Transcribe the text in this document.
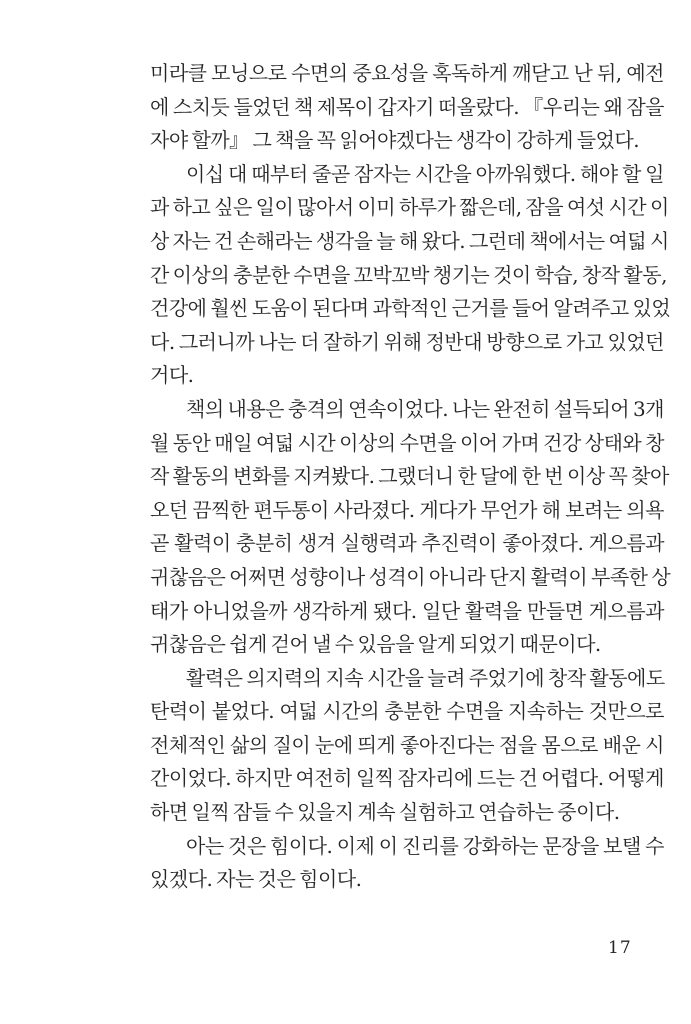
미라클 모닝으로 수면의 중요성을 혹독하게 깨닫고 난 뒤, 예전
에 스치듯 들었던 책 제목이 갑자기 떠올랐다. 『우리는 왜 잠을
자야 할까』 그 책을 꼭 읽어야겠다는 생각이 강하게 들었다.
이십 대 때부터 줄곧 잠자는 시간을 아까워했다. 해야 할 일
과 하고 싶은 일이 많아서 이미 하루가 짧은데, 잠을 여섯 시간 이
상 자는 건 손해라는 생각을 늘 해 왔다. 그런데 책에서는 여덟 시
간 이상의 충분한 수면을 꼬박꼬박 챙기는 것이 학습, 창작 활동,
건강에 훨씬 도움이 된다며 과학적인 근거를 들어 알려주고 있었
다. 그러니까 나는 더 잘하기 위해 정반대 방향으로 가고 있었던
거다.
책의 내용은 충격의 연속이었다. 나는 완전히 설득되어 3개
월 동안 매일 여덟 시간 이상의 수면을 이어 가며 건강 상태와 창
작 활동의 변화를 지켜봤다. 그랬더니 한 달에 한 번 이상 꼭 찾아
오던 끔찍한 편두통이 사라졌다. 게다가 무언가 해 보려는 의욕
곧 활력이 충분히 생겨 실행력과 추진력이 좋아졌다. 게으름과
귀찮음은 어쩌면 성향이나 성격이 아니라 단지 활력이 부족한 상
태가 아니었을까 생각하게 됐다. 일단 활력을 만들면 게으름과
귀찮음은 쉽게 걷어 낼 수 있음을 알게 되었기 때문이다.
활력은 의지력의 지속 시간을 늘려 주었기에 창작 활동에도
탄력이 붙었다. 여덟 시간의 충분한 수면을 지속하는 것만으로
전체적인 삶의 질이 눈에 띄게 좋아진다는 점을 몸으로 배운 시
간이었다. 하지만 여전히 일찍 잠자리에 드는 건 어렵다. 어떻게
하면 일찍 잠들 수 있을지 계속 실험하고 연습하는 중이다.
아는 것은 힘이다. 이제 이 진리를 강화하는 문장을 보탤 수
있겠다. 자는 것은 힘이다.
17
